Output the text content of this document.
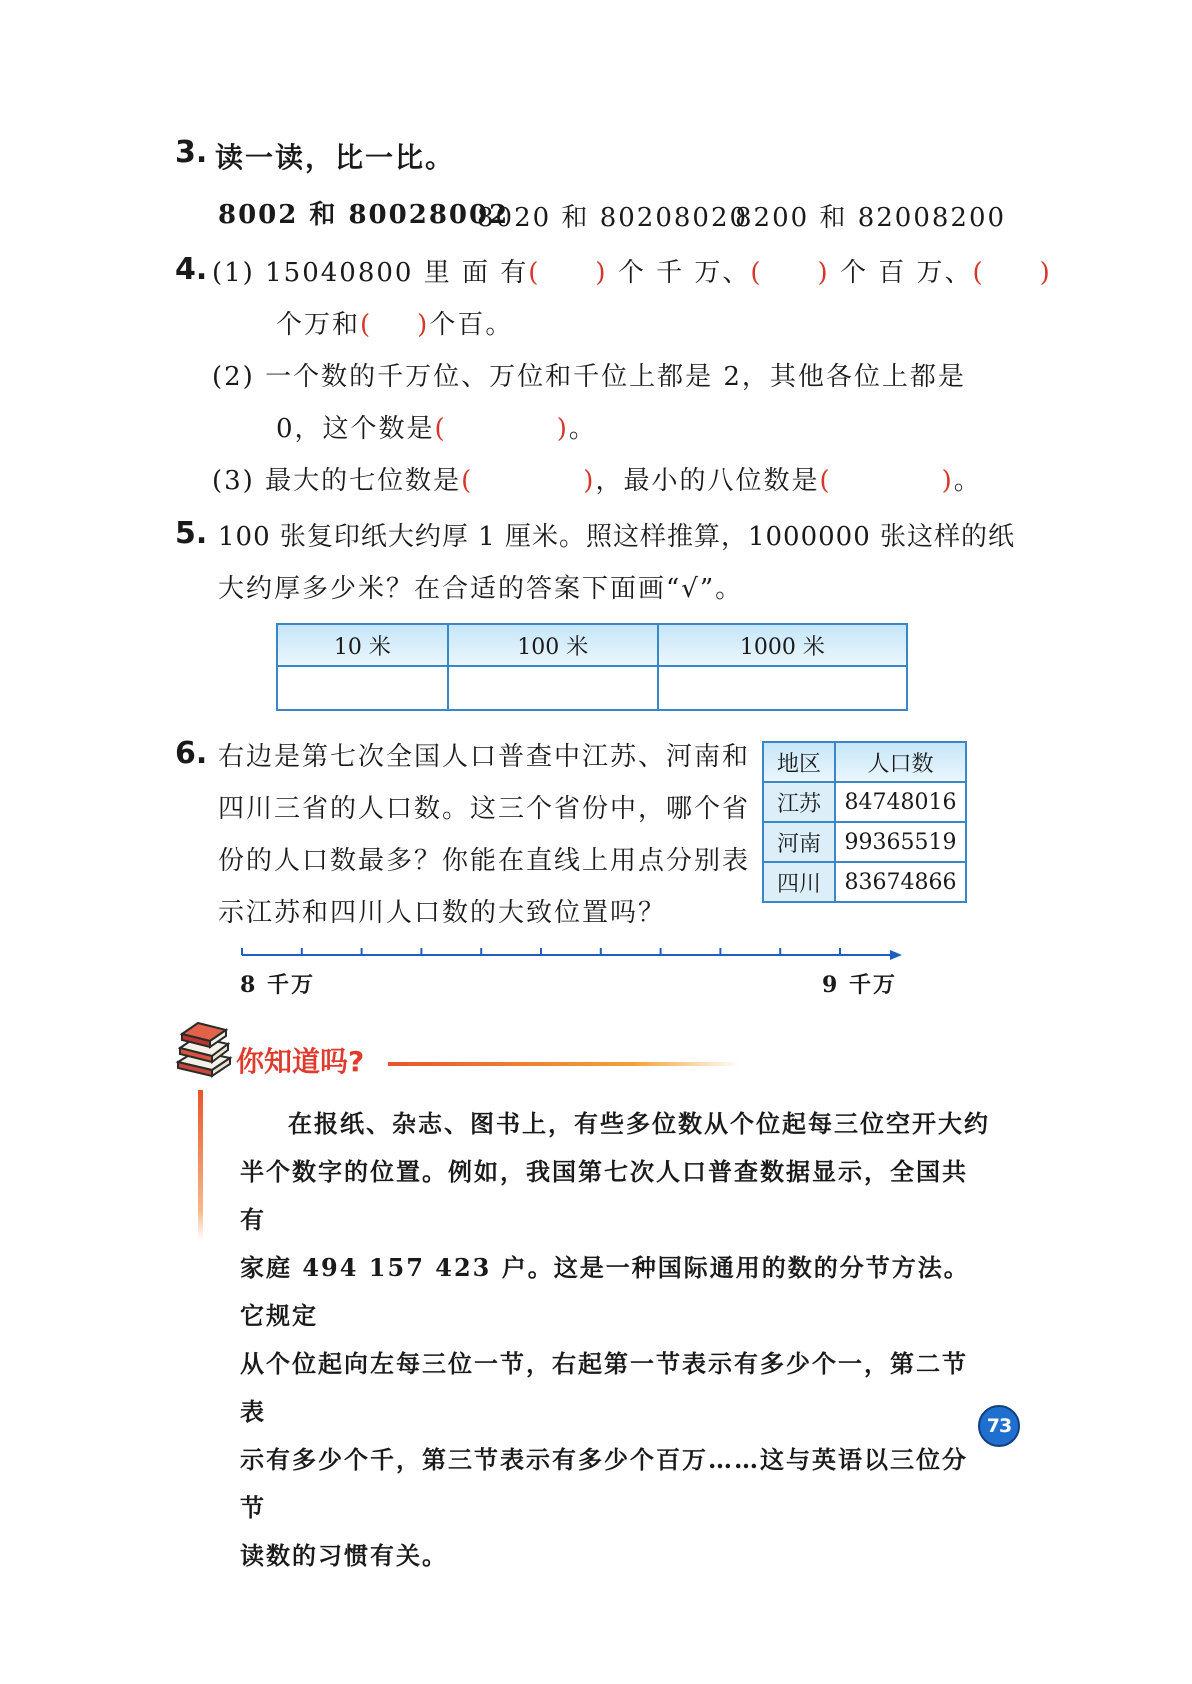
3. 读一读，比一比。
8002 和 80028002
8020 和 80208020
8200 和 82008200
4. (1) 15040800 里 面 有( ) 个 千 万、( ) 个 百 万、( )
个万和( )个百。
(2) 一个数的千万位、万位和千位上都是 2，其他各位上都是
0，这个数是(	)。
(3) 最大的七位数是(	)，最小的八位数是(	)。
5. 100 张复印纸大约厚 1 厘米。照这样推算，1000000 张这样的纸
大约厚多少米？在合适的答案下面画“√”。
10 米	100 米	1000 米

6. 右边是第七次全国人口普查中江苏、河南和
四川三省的人口数。这三个省份中，哪个省
份的人口数最多？你能在直线上用点分别表
示江苏和四川人口数的大致位置吗？
地区	人口数
江苏	84748016
河南	99365519
四川	83674866
8 千万	9 千万
你知道吗?
在报纸、杂志、图书上，有些多位数从个位起每三位空开大约
半个数字的位置。例如，我国第七次人口普查数据显示，全国共有
家庭 494 157 423 户。这是一种国际通用的数的分节方法。它规定
从个位起向左每三位一节，右起第一节表示有多少个一，第二节表
示有多少个千，第三节表示有多少个百万……这与英语以三位分节
读数的习惯有关。
73
